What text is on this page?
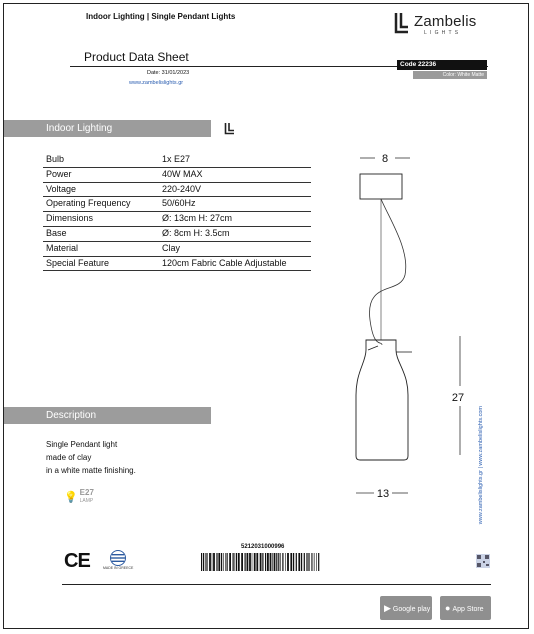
Indoor Lighting | Single Pendant Lights	Zambelis
LIGHTS
Product Data Sheet
Code 22236
Color: White Matte
Date: 31/01/2023
www.zambelislights.gr
Indoor Lighting
Bulb	1x E27
Power	40W MAX
Voltage	220-240V
Operating Frequency	50/60Hz
Dimensions	Ø: 13cm H: 27cm
Base	Ø: 8cm H: 3.5cm
Material	Clay
Special Feature	120cm Fabric Cable Adjustable
Description
Single Pendant light
made of clay
in a white matte finishing.
💡 E27
LAMP
8
27
13	www.zambelislights.gr | www.zambelislights.com
CE	MADE IN GREECE
5212031000996
▶ Google play	● App Store
